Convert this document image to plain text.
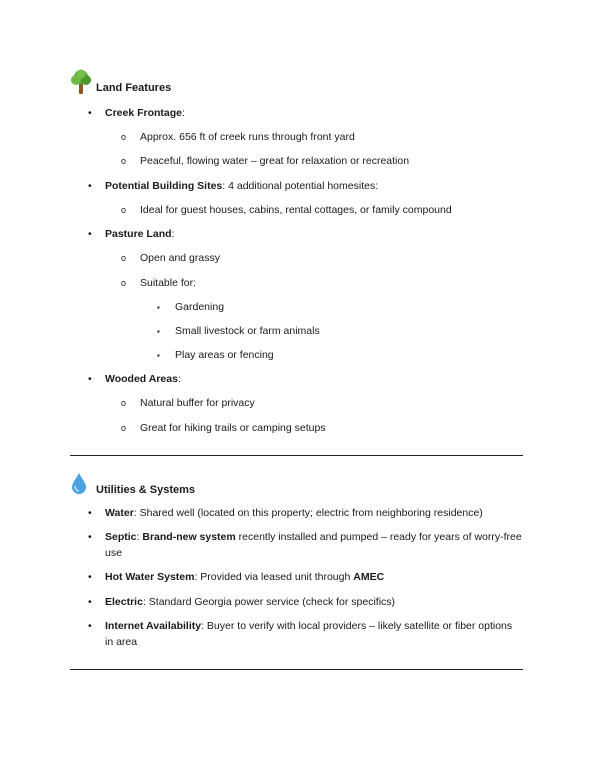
Land Features
• Creek Frontage:
o Approx. 656 ft of creek runs through front yard
o Peaceful, flowing water – great for relaxation or recreation
• Potential Building Sites: 4 additional potential homesites:
o Ideal for guest houses, cabins, rental cottages, or family compound
• Pasture Land:
o Open and grassy
o Suitable for:
▪ Gardening
▪ Small livestock or farm animals
▪ Play areas or fencing
• Wooded Areas:
o Natural buffer for privacy
o Great for hiking trails or camping setups
Utilities & Systems
• Water: Shared well (located on this property; electric from neighboring residence)
• Septic: Brand-new system recently installed and pumped – ready for years of worry-free
use
• Hot Water System: Provided via leased unit through AMEC
• Electric: Standard Georgia power service (check for specifics)
• Internet Availability: Buyer to verify with local providers – likely satellite or fiber options
in area
